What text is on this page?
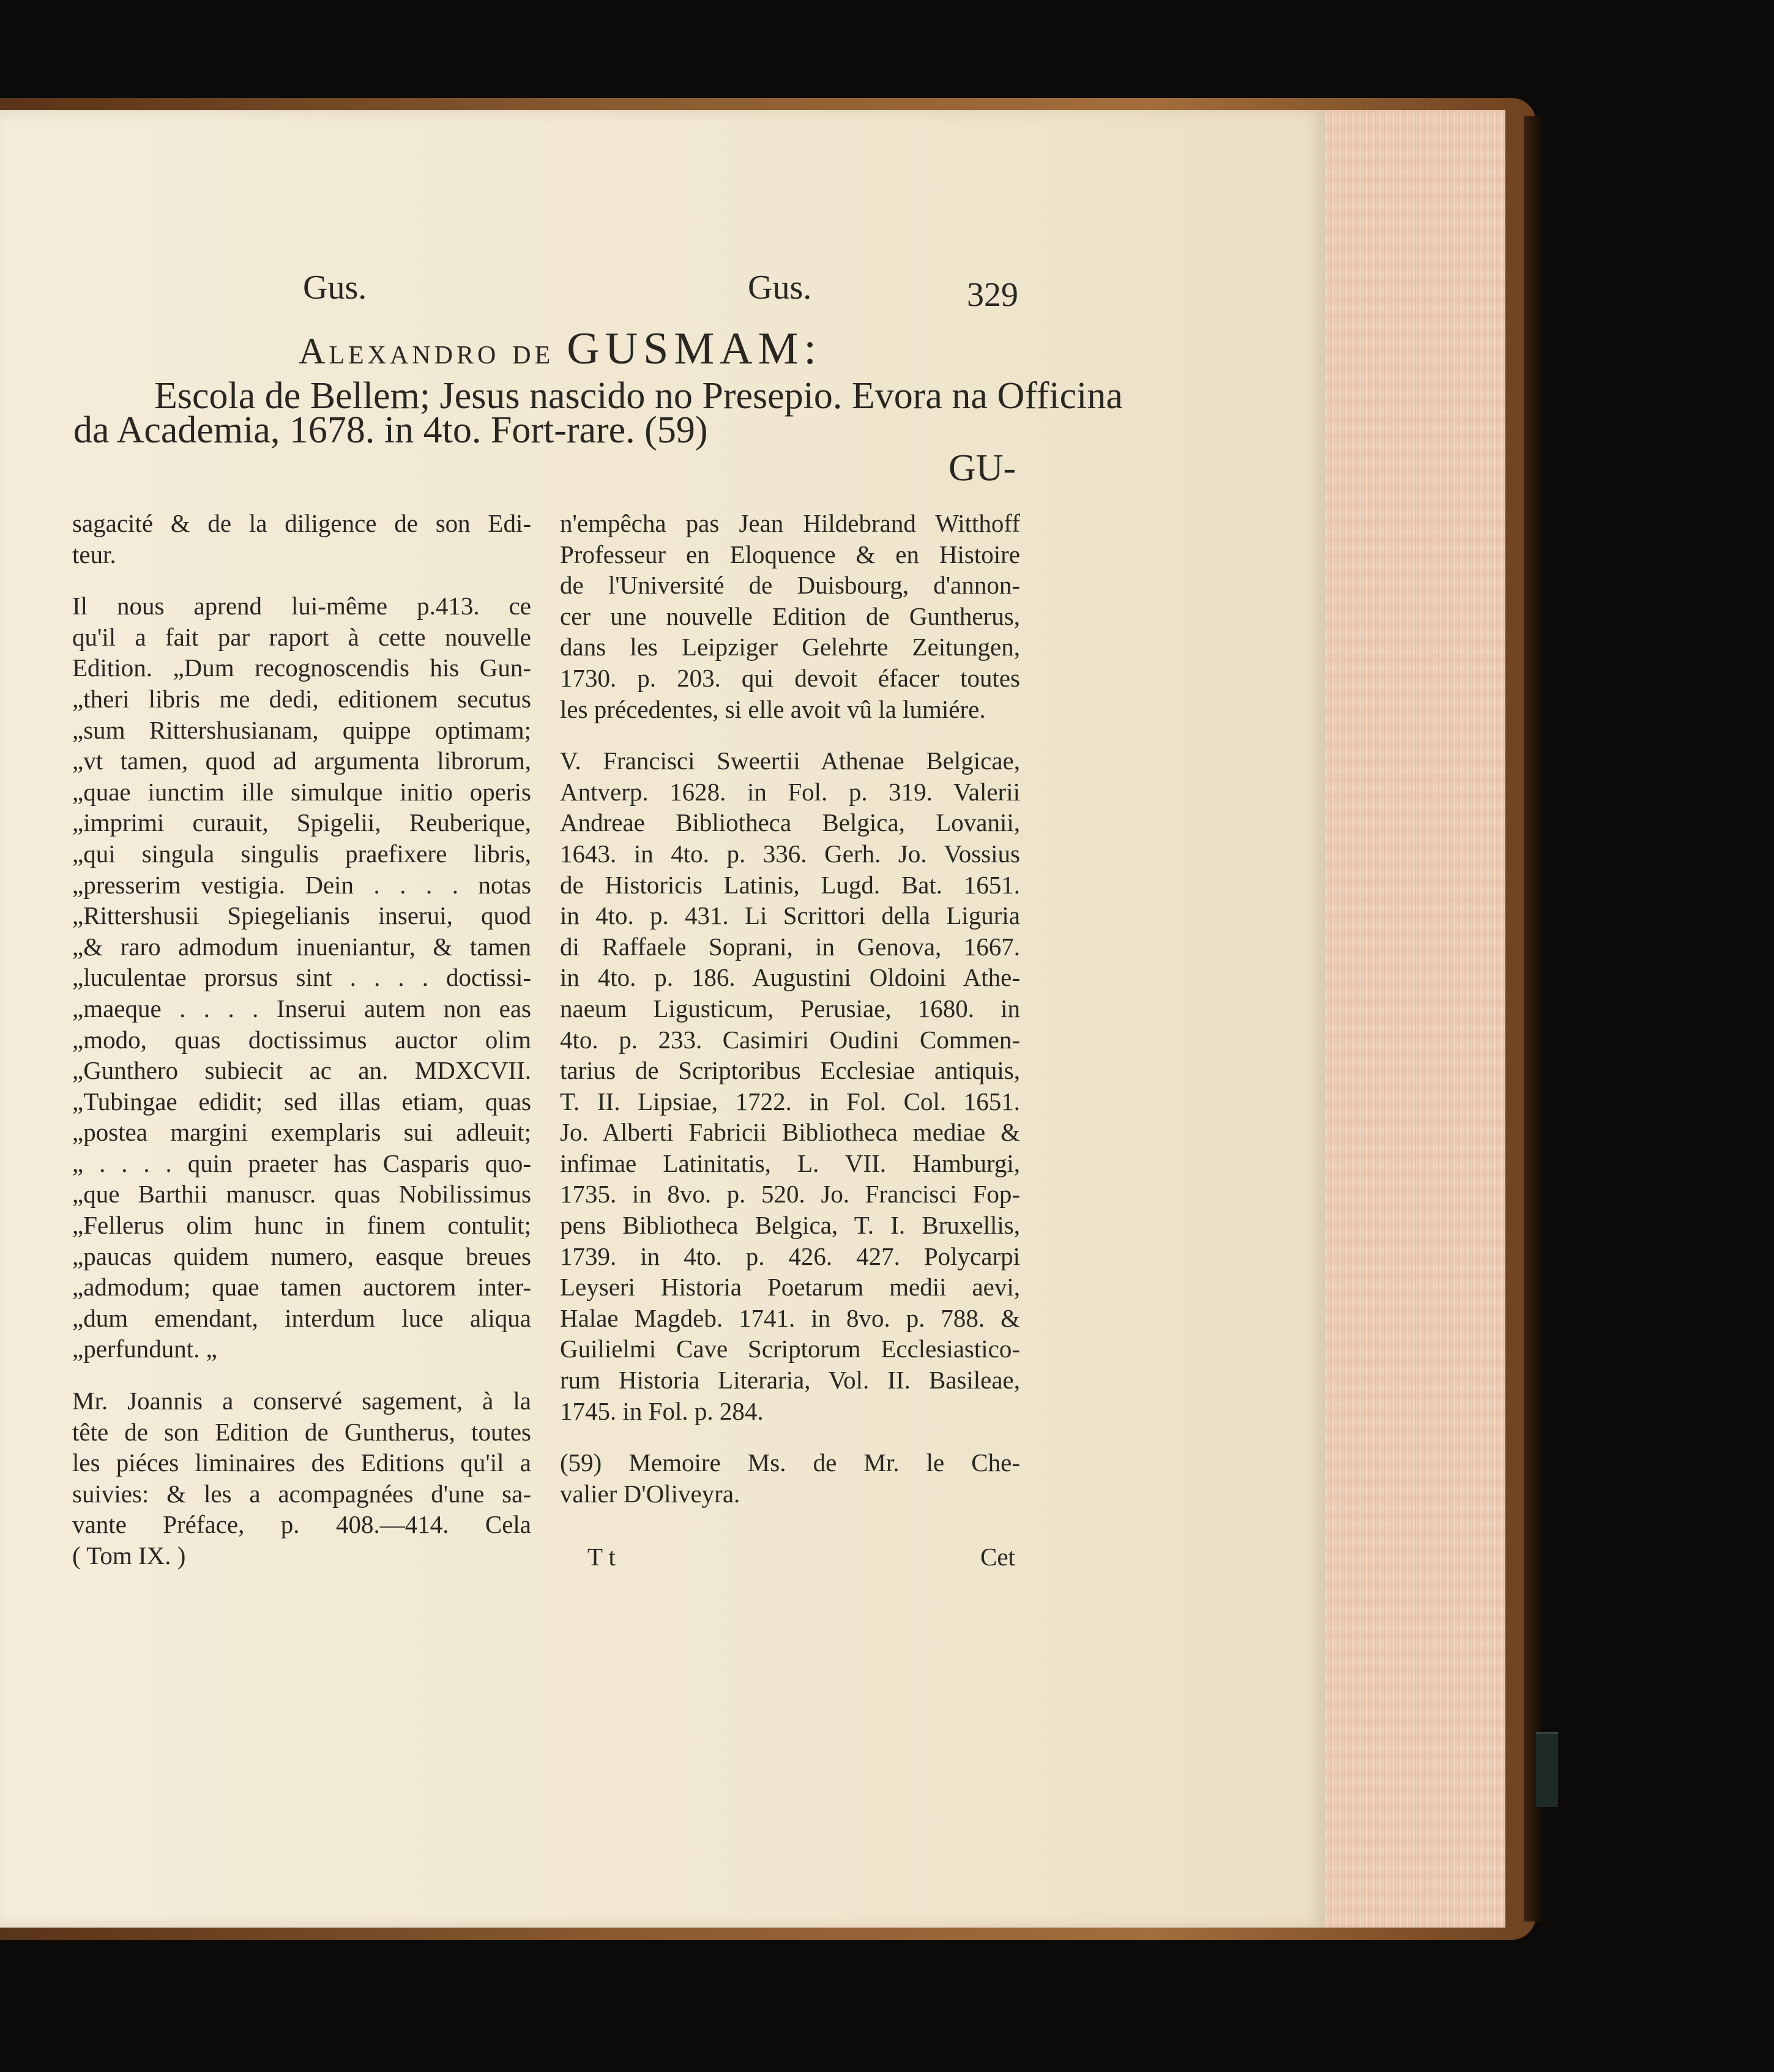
Gus.	Gus.	329
Alexandro de GUSMAM:
Escola de Bellem; Jesus nascido no Presepio. Evora na Officina
da Academia, 1678. in 4to. Fort-rare. (59)
GU-
sagacité & de la diligence de son Edi-
teur.
Il nous aprend lui-même p.413. ce
qu'il a fait par raport à cette nouvelle
Edition. „Dum recognoscendis his Gun-
„theri libris me dedi, editionem secutus
„sum Rittershusianam, quippe optimam;
„vt tamen, quod ad argumenta librorum,
„quae iunctim ille simulque initio operis
„imprimi curauit, Spigelii, Reuberique,
„qui singula singulis praefixere libris,
„presserim vestigia. Dein . . . . notas
„Rittershusii Spiegelianis inserui, quod
„& raro admodum inueniantur, & tamen
„luculentae prorsus sint . . . . doctissi-
„maeque . . . . Inserui autem non eas
„modo, quas doctissimus auctor olim
„Gunthero subiecit ac an. MDXCVII.
„Tubingae edidit; sed illas etiam, quas
„postea margini exemplaris sui adleuit;
„ . . . . quin praeter has Casparis quo-
„que Barthii manuscr. quas Nobilissimus
„Fellerus olim hunc in finem contulit;
„paucas quidem numero, easque breues
„admodum; quae tamen auctorem inter-
„dum emendant, interdum luce aliqua
„perfundunt. „
Mr. Joannis a conservé sagement, à la
tête de son Edition de Guntherus, toutes
les piéces liminaires des Editions qu'il a
suivies: & les a acompagnées d'une sa-
vante Préface, p. 408.—414. Cela
( Tom IX. )
n'empêcha pas Jean Hildebrand Witthoff
Professeur en Eloquence & en Histoire
de l'Université de Duisbourg, d'annon-
cer une nouvelle Edition de Guntherus,
dans les Leipziger Gelehrte Zeitungen,
1730. p. 203. qui devoit éfacer toutes
les précedentes, si elle avoit vû la lumiére.
V. Francisci Sweertii Athenae Belgicae,
Antverp. 1628. in Fol. p. 319. Valerii
Andreae Bibliotheca Belgica, Lovanii,
1643. in 4to. p. 336. Gerh. Jo. Vossius
de Historicis Latinis, Lugd. Bat. 1651.
in 4to. p. 431. Li Scrittori della Liguria
di Raffaele Soprani, in Genova, 1667.
in 4to. p. 186. Augustini Oldoini Athe-
naeum Ligusticum, Perusiae, 1680. in
4to. p. 233. Casimiri Oudini Commen-
tarius de Scriptoribus Ecclesiae antiquis,
T. II. Lipsiae, 1722. in Fol. Col. 1651.
Jo. Alberti Fabricii Bibliotheca mediae &
infimae Latinitatis, L. VII. Hamburgi,
1735. in 8vo. p. 520. Jo. Francisci Fop-
pens Bibliotheca Belgica, T. I. Bruxellis,
1739. in 4to. p. 426. 427. Polycarpi
Leyseri Historia Poetarum medii aevi,
Halae Magdeb. 1741. in 8vo. p. 788. &
Guilielmi Cave Scriptorum Ecclesiastico-
rum Historia Literaria, Vol. II. Basileae,
1745. in Fol. p. 284.
(59) Memoire Ms. de Mr. le Che-
valier D'Oliveyra.
T t	Cet
